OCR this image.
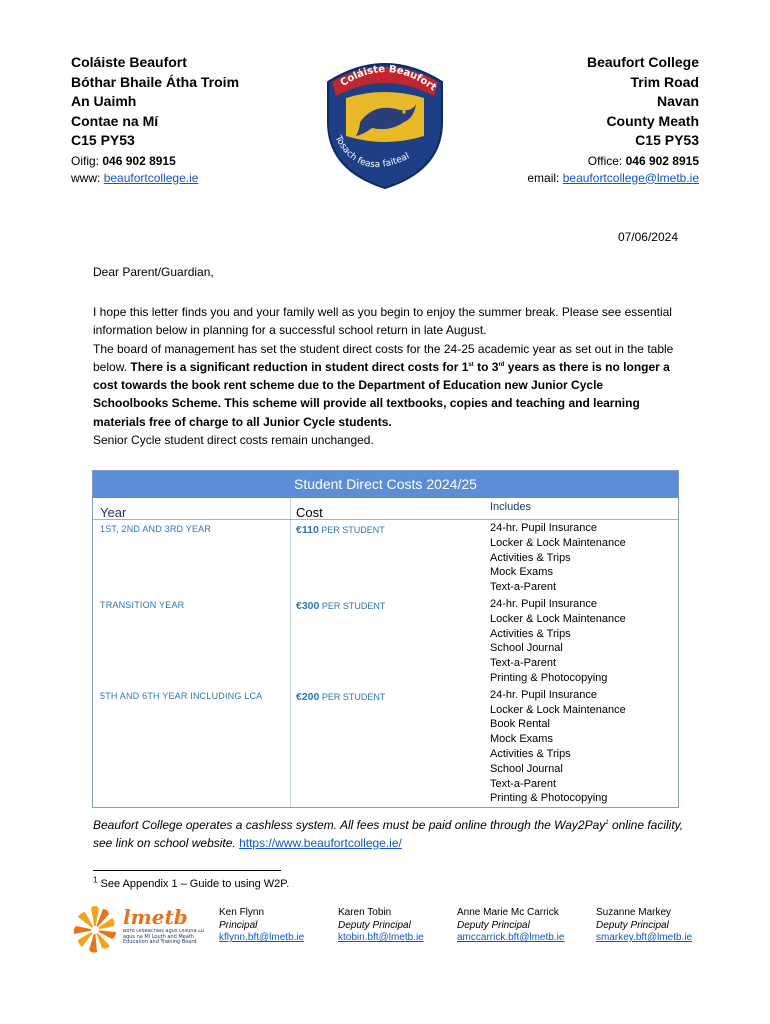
Coláiste Beaufort
Bóthar Bhaile Átha Troim
An Uaimh
Contae na Mí
C15 PY53
Oifig: 046 902 8915
www: beaufortcollege.ie
Coláiste Beaufort
Tosach feasa faiteal
Beaufort College
Trim Road
Navan
County Meath
C15 PY53
Office: 046 902 8915
email: beaufortcollege@lmetb.ie
07/06/2024
Dear Parent/Guardian,

I hope this letter finds you and your family well as you begin to enjoy the summer break. Please see essential information below in planning for a successful school return in late August.

The board of management has set the student direct costs for the 24-25 academic year as set out in the table below. There is a significant reduction in student direct costs for 1st to 3rd years as there is no longer a cost towards the book rent scheme due to the Department of Education new Junior Cycle Schoolbooks Scheme. This scheme will provide all textbooks, copies and teaching and learning materials free of charge to all Junior Cycle students.

Senior Cycle student direct costs remain unchanged.

Student Direct Costs 2024/25
Year	Cost	Includes
1ST, 2ND AND 3RD YEAR	€110 PER STUDENT	24-hr. Pupil Insurance
Locker & Lock Maintenance
Activities & Trips
Mock Exams
Text-a-Parent
TRANSITION YEAR	€300 PER STUDENT	24-hr. Pupil Insurance
Locker & Lock Maintenance
Activities & Trips
School Journal
Text-a-Parent
Printing & Photocopying
5TH AND 6TH YEAR INCLUDING LCA	€200 PER STUDENT	24-hr. Pupil Insurance
Locker & Lock Maintenance
Book Rental
Mock Exams
Activities & Trips
School Journal
Text-a-Parent
Printing & Photocopying
Beaufort College operates a cashless system. All fees must be paid online through the Way2Pay$^1$ online facility, see link on school website. https://www.beaufortcollege.ie/
$^1$ See Appendix 1 – Guide to using W2P.
lmetb
Bord Oideachais agus Oiliúna Lú agus na Mí Louth and Meath Education and Training Board
Ken Flynn
Principal
kflynn.bft@lmetb.ie
Karen Tobin
Deputy Principal
ktobin.bft@lmetb.ie
Anne Marie Mc Carrick
Deputy Principal
amccarrick.bft@lmetb.ie
Suzanne Markey
Deputy Principal
smarkey.bft@lmetb.ie
